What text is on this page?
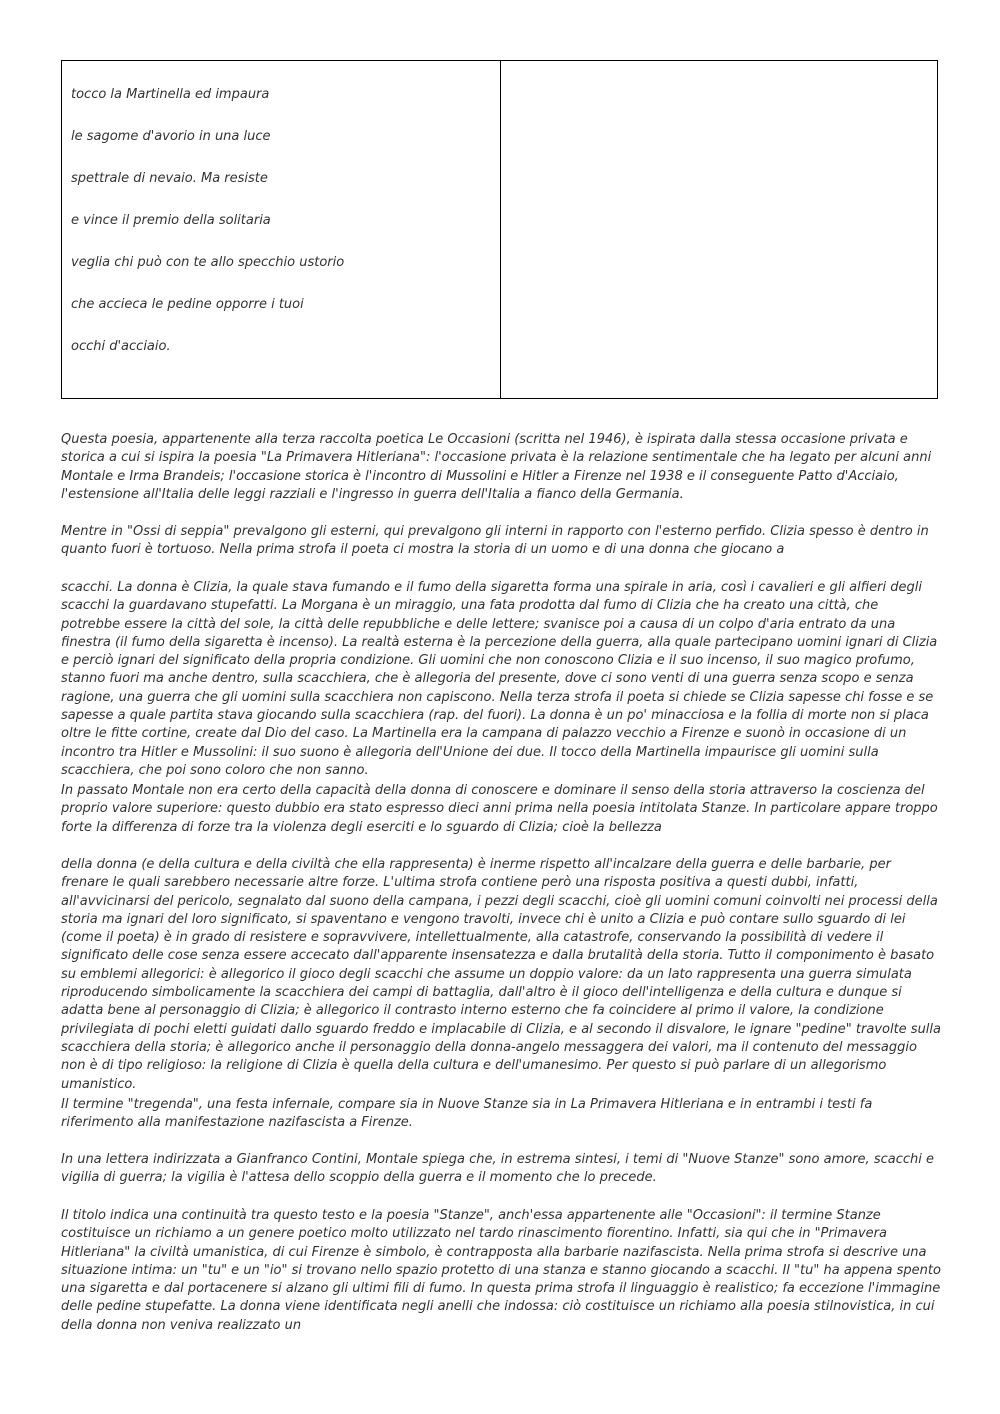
tocco la Martinella ed impaura

le sagome d'avorio in una luce

spettrale di nevaio. Ma resiste

e vince il premio della solitaria

veglia chi può con te allo specchio ustorio

che accieca le pedine opporre i tuoi

occhi d'acciaio.

Questa poesia, appartenente alla terza raccolta poetica Le Occasioni (scritta nel 1946), è ispirata dalla stessa occasione privata e storica a cui si ispira la poesia "La Primavera Hitleriana": l'occasione privata è la relazione sentimentale che ha legato per alcuni anni Montale e Irma Brandeis; l'occasione storica è l'incontro di Mussolini e Hitler a Firenze nel 1938 e il conseguente Patto d'Acciaio, l'estensione all'Italia delle leggi razziali e l'ingresso in guerra dell'Italia a fianco della Germania.

Mentre in "Ossi di seppia" prevalgono gli esterni, qui prevalgono gli interni in rapporto con l'esterno perfido. Clizia spesso è dentro in quanto fuori è tortuoso. Nella prima strofa il poeta ci mostra la storia di un uomo e di una donna che giocano a

scacchi. La donna è Clizia, la quale stava fumando e il fumo della sigaretta forma una spirale in aria, così i cavalieri e gli alfieri degli scacchi la guardavano stupefatti. La Morgana è un miraggio, una fata prodotta dal fumo di Clizia che ha creato una città, che potrebbe essere la città del sole, la città delle repubbliche e delle lettere; svanisce poi a causa di un colpo d'aria entrato da una finestra (il fumo della sigaretta è incenso). La realtà esterna è la percezione della guerra, alla quale partecipano uomini ignari di Clizia e perciò ignari del significato della propria condizione. Gli uomini che non conoscono Clizia e il suo incenso, il suo magico profumo, stanno fuori ma anche dentro, sulla scacchiera, che è allegoria del presente, dove ci sono venti di una guerra senza scopo e senza ragione, una guerra che gli uomini sulla scacchiera non capiscono. Nella terza strofa il poeta si chiede se Clizia sapesse chi fosse e se sapesse a quale partita stava giocando sulla scacchiera (rap. del fuori). La donna è un po' minacciosa e la follia di morte non si placa oltre le fitte cortine, create dal Dio del caso. La Martinella era la campana di palazzo vecchio a Firenze e suonò in occasione di un incontro tra Hitler e Mussolini: il suo suono è allegoria dell'Unione dei due. Il tocco della Martinella impaurisce gli uomini sulla scacchiera, che poi sono coloro che non sanno.

In passato Montale non era certo della capacità della donna di conoscere e dominare il senso della storia attraverso la coscienza del proprio valore superiore: questo dubbio era stato espresso dieci anni prima nella poesia intitolata Stanze. In particolare appare troppo forte la differenza di forze tra la violenza degli eserciti e lo sguardo di Clizia; cioè la bellezza

della donna (e della cultura e della civiltà che ella rappresenta) è inerme rispetto all'incalzare della guerra e delle barbarie, per frenare le quali sarebbero necessarie altre forze. L'ultima strofa contiene però una risposta positiva a questi dubbi, infatti, all'avvicinarsi del pericolo, segnalato dal suono della campana, i pezzi degli scacchi, cioè gli uomini comuni coinvolti nei processi della storia ma ignari del loro significato, si spaventano e vengono travolti, invece chi è unito a Clizia e può contare sullo sguardo di lei (come il poeta) è in grado di resistere e sopravvivere, intellettualmente, alla catastrofe, conservando la possibilità di vedere il significato delle cose senza essere accecato dall'apparente insensatezza e dalla brutalità della storia. Tutto il componimento è basato su emblemi allegorici: è allegorico il gioco degli scacchi che assume un doppio valore: da un lato rappresenta una guerra simulata riproducendo simbolicamente la scacchiera dei campi di battaglia, dall'altro è il gioco dell'intelligenza e della cultura e dunque si adatta bene al personaggio di Clizia; è allegorico il contrasto interno esterno che fa coincidere al primo il valore, la condizione privilegiata di pochi eletti guidati dallo sguardo freddo e implacabile di Clizia, e al secondo il disvalore, le ignare "pedine" travolte sulla scacchiera della storia; è allegorico anche il personaggio della donna-angelo messaggera dei valori, ma il contenuto del messaggio non è di tipo religioso: la religione di Clizia è quella della cultura e dell'umanesimo. Per questo si può parlare di un allegorismo umanistico.

Il termine "tregenda", una festa infernale, compare sia in Nuove Stanze sia in La Primavera Hitleriana e in entrambi i testi fa riferimento alla manifestazione nazifascista a Firenze.

In una lettera indirizzata a Gianfranco Contini, Montale spiega che, in estrema sintesi, i temi di "Nuove Stanze" sono amore, scacchi e vigilia di guerra; la vigilia è l'attesa dello scoppio della guerra e il momento che lo precede.

Il titolo indica una continuità tra questo testo e la poesia "Stanze", anch'essa appartenente alle "Occasioni": il termine Stanze costituisce un richiamo a un genere poetico molto utilizzato nel tardo rinascimento fiorentino. Infatti, sia qui che in "Primavera Hitleriana" la civiltà umanistica, di cui Firenze è simbolo, è contrapposta alla barbarie nazifascista. Nella prima strofa si descrive una situazione intima: un "tu" e un "io" si trovano nello spazio protetto di una stanza e stanno giocando a scacchi. Il "tu" ha appena spento una sigaretta e dal portacenere si alzano gli ultimi fili di fumo. In questa prima strofa il linguaggio è realistico; fa eccezione l'immagine delle pedine stupefatte. La donna viene identificata negli anelli che indossa: ciò costituisce un richiamo alla poesia stilnovistica, in cui della donna non veniva realizzato un
